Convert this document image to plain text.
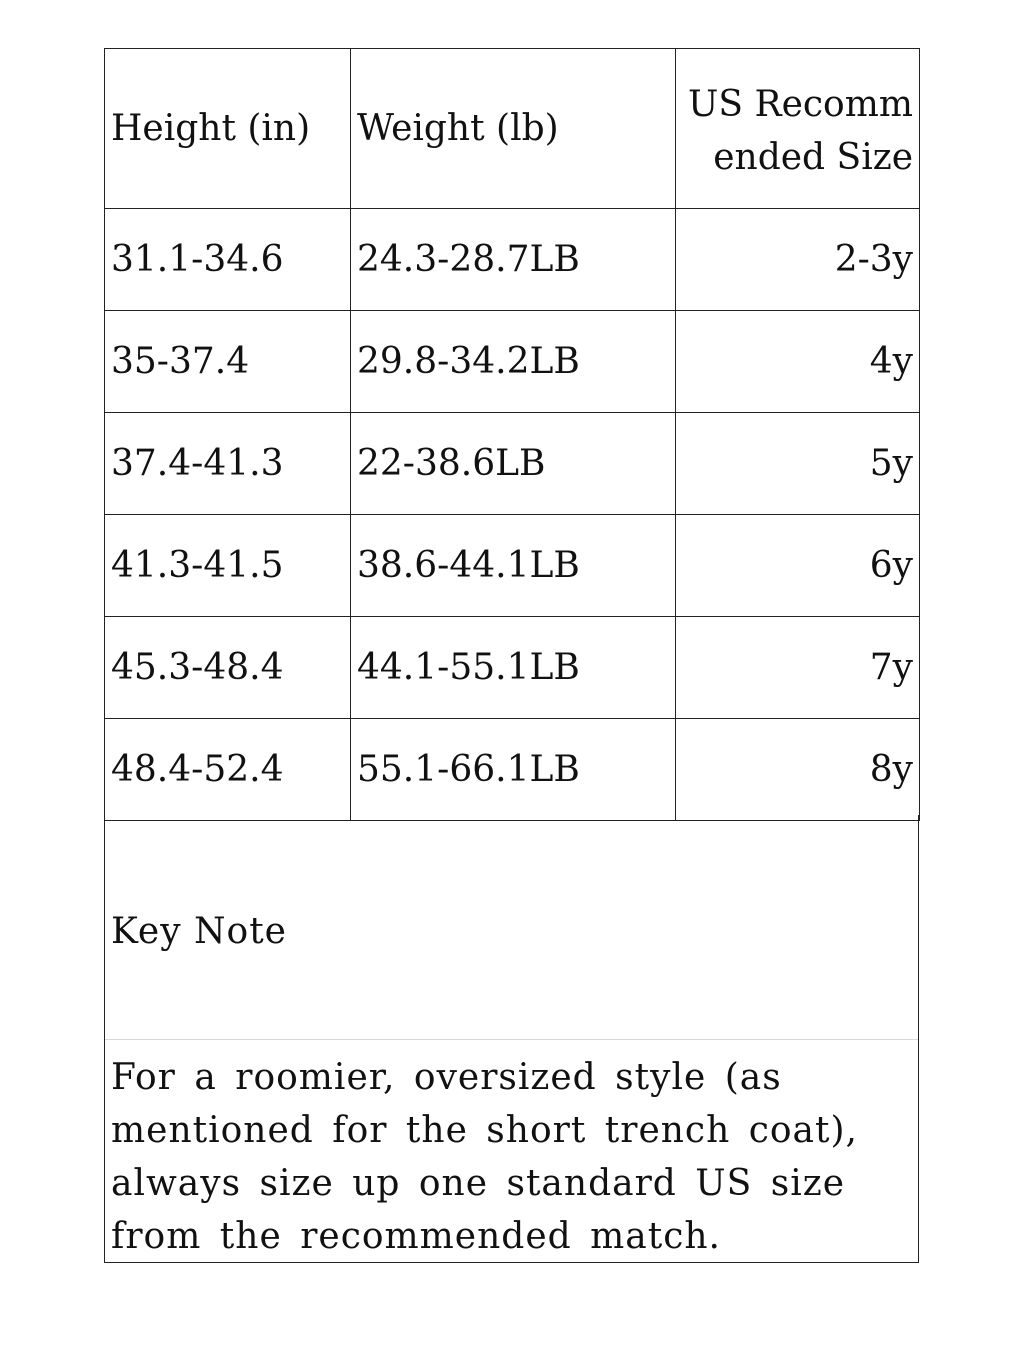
Height (in)	Weight (lb)	US Recommended Size
31.1-34.6	24.3-28.7LB	2-3y
35-37.4	29.8-34.2LB	4y
37.4-41.3	22-38.6LB	5y
41.3-41.5	38.6-44.1LB	6y
45.3-48.4	44.1-55.1LB	7y
48.4-52.4	55.1-66.1LB	8y
Key Note
For a roomier, oversized style (as mentioned for the short trench coat), always size up one standard US size from the recommended match.
